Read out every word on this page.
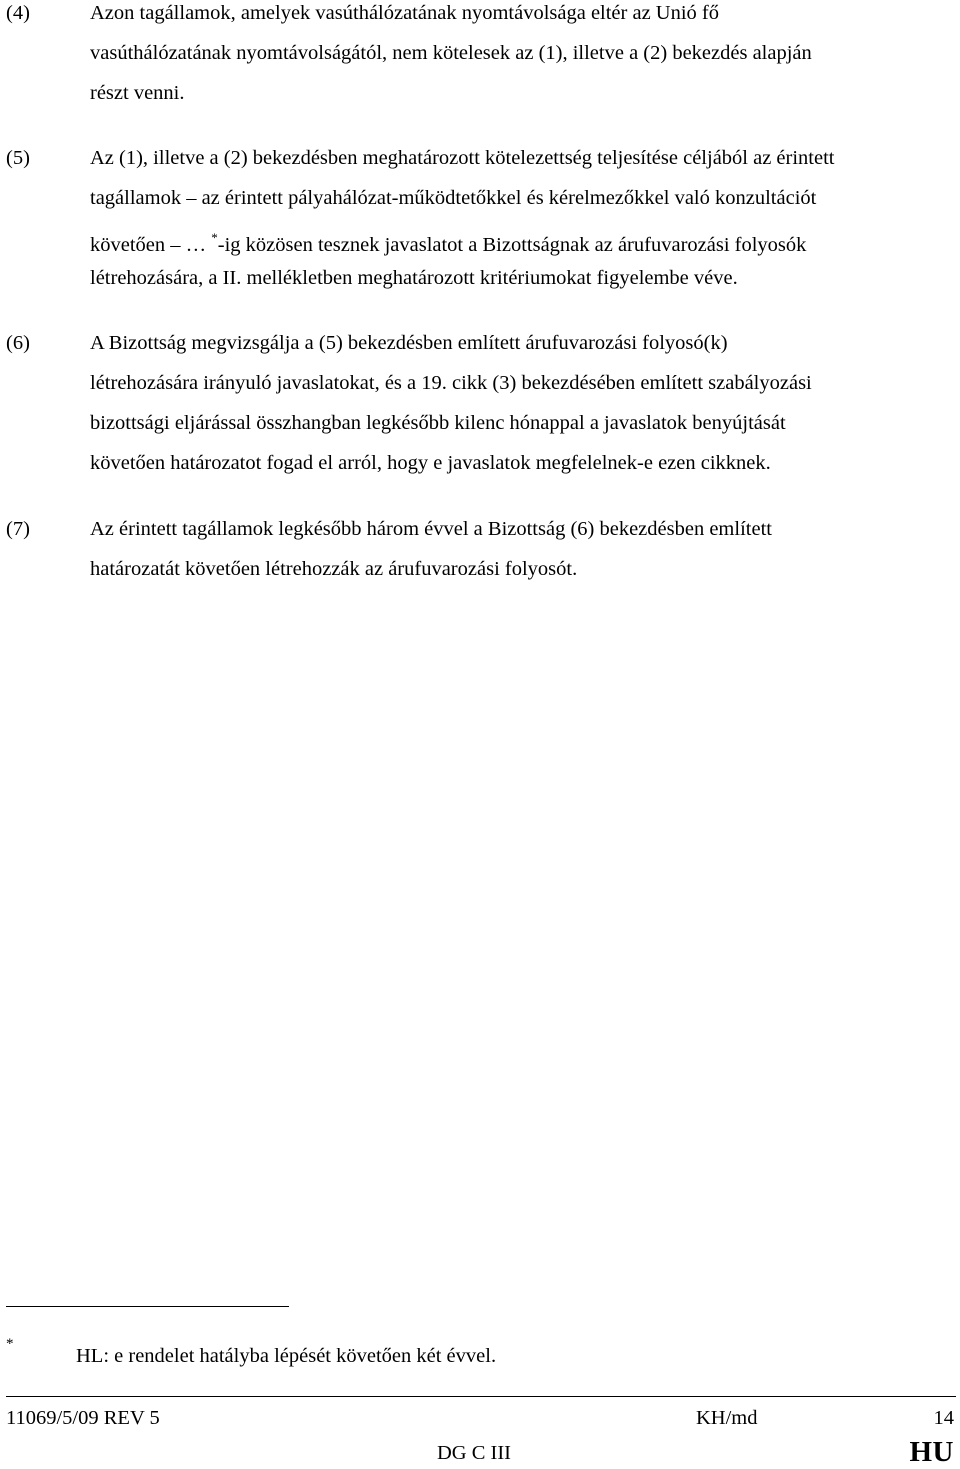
(4)	Azon tagállamok, amelyek vasúthálózatának nyomtávolsága eltér az Unió fő
vasúthálózatának nyomtávolságától, nem kötelesek az (1), illetve a (2) bekezdés alapján
részt venni.
(5)	Az (1), illetve a (2) bekezdésben meghatározott kötelezettség teljesítése céljából az érintett
tagállamok – az érintett pályahálózat-működtetőkkel és kérelmezőkkel való konzultációt
követően – … *-ig közösen tesznek javaslatot a Bizottságnak az árufuvarozási folyosók
létrehozására, a II. mellékletben meghatározott kritériumokat figyelembe véve.
(6)	A Bizottság megvizsgálja a (5) bekezdésben említett árufuvarozási folyosó(k)
létrehozására irányuló javaslatokat, és a 19. cikk (3) bekezdésében említett szabályozási
bizottsági eljárással összhangban legkésőbb kilenc hónappal a javaslatok benyújtását
követően határozatot fogad el arról, hogy e javaslatok megfelelnek-e ezen cikknek.
(7)	Az érintett tagállamok legkésőbb három évvel a Bizottság (6) bekezdésben említett
határozatát követően létrehozzák az árufuvarozási folyosót.
*
HL: e rendelet hatályba lépését követően két évvel.
11069/5/09 REV 5	KH/md	14
DG C III	HU
